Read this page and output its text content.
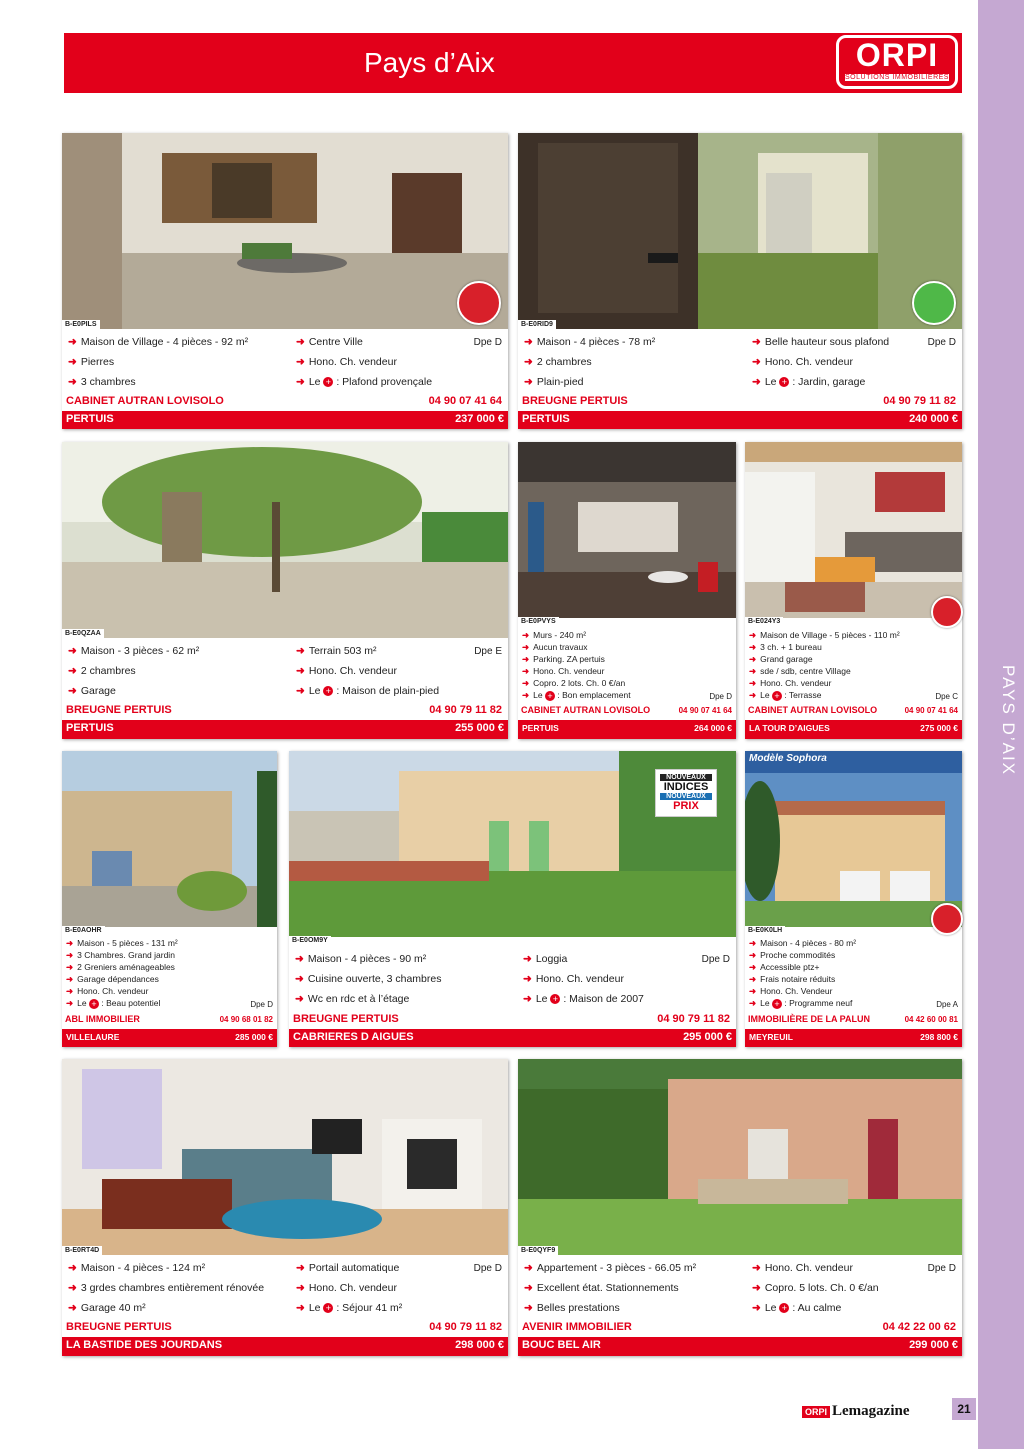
PAYS D’AIX
Pays d’Aix	ORPI
SOLUTIONS IMMOBILIERES
B-E0PILS
➜ Maison de Village - 4 pièces - 92 m²
➜ Pierres
➜ 3 chambres
➜ Centre Ville
➜ Hono. Ch. vendeur
➜ Le + : Plafond provençale
Dpe D
CABINET AUTRAN LOVISOLO	04 90 07 41 64
PERTUIS	237 000 €
B-E0RID9
➜ Maison - 4 pièces - 78 m²
➜ 2 chambres
➜ Plain-pied
➜ Belle hauteur sous plafond
➜ Hono. Ch. vendeur
➜ Le + : Jardin, garage
Dpe D
BREUGNE PERTUIS	04 90 79 11 82
PERTUIS	240 000 €
B-E0QZAA
➜ Maison - 3 pièces - 62 m²
➜ 2 chambres
➜ Garage
➜ Terrain 503 m²
➜ Hono. Ch. vendeur
➜ Le + : Maison de plain-pied
Dpe E
BREUGNE PERTUIS	04 90 79 11 82
PERTUIS	255 000 €
B-E0PVYS
➜ Murs - 240 m²
➜ Aucun travaux
➜ Parking. ZA pertuis
➜ Hono. Ch. vendeur
➜ Copro. 2 lots. Ch. 0 €/an
➜ Le + : Bon emplacement	Dpe D
CABINET AUTRAN LOVISOLO	04 90 07 41 64
PERTUIS	264 000 €
B-E024Y3
➜ Maison de Village - 5 pièces - 110 m²
➜ 3 ch. + 1 bureau
➜ Grand garage
➜ sde / sdb, centre Village
➜ Hono. Ch. vendeur
➜ Le + : Terrasse	Dpe C
CABINET AUTRAN LOVISOLO	04 90 07 41 64
LA TOUR D’AIGUES	275 000 €
B-E0AOHR
➜ Maison - 5 pièces - 131 m²
➜ 3 Chambres. Grand jardin
➜ 2 Greniers aménageables
➜ Garage dépendances
➜ Hono. Ch. vendeur
➜ Le + : Beau potentiel	Dpe D
ABL IMMOBILIER	04 90 68 01 82
VILLELAURE	285 000 €
NOUVEAUX
INDICES
NOUVEAUX
PRIX
B-E0OM9Y
➜ Maison - 4 pièces - 90 m²
➜ Cuisine ouverte, 3 chambres
➜ Wc en rdc et à l’étage
➜ Loggia
➜ Hono. Ch. vendeur
➜ Le + : Maison de 2007
Dpe D
BREUGNE PERTUIS	04 90 79 11 82
CABRIERES D AIGUES	295 000 €
Modèle Sophora
B-E0K0LH
➜ Maison - 4 pièces - 80 m²
➜ Proche commodités
➜ Accessible ptz+
➜ Frais notaire réduits
➜ Hono. Ch. Vendeur
➜ Le + : Programme neuf	Dpe A
IMMOBILIÈRE DE LA PALUN	04 42 60 00 81
MEYREUIL	298 800 €
B-E0RT4D
➜ Maison - 4 pièces - 124 m²
➜ 3 grdes chambres entièrement rénovée
➜ Garage 40 m²
➜ Portail automatique
➜ Hono. Ch. vendeur
➜ Le + : Séjour 41 m²
Dpe D
BREUGNE PERTUIS	04 90 79 11 82
LA BASTIDE DES JOURDANS	298 000 €
B-E0QYF9
➜ Appartement - 3 pièces - 66.05 m²
➜ Excellent état. Stationnements
➜ Belles prestations
➜ Hono. Ch. vendeur
➜ Copro. 5 lots. Ch. 0 €/an
➜ Le + : Au calme
Dpe D
AVENIR IMMOBILIER	04 42 22 00 62
BOUC BEL AIR	299 000 €
ORPI Lemagazine	21
